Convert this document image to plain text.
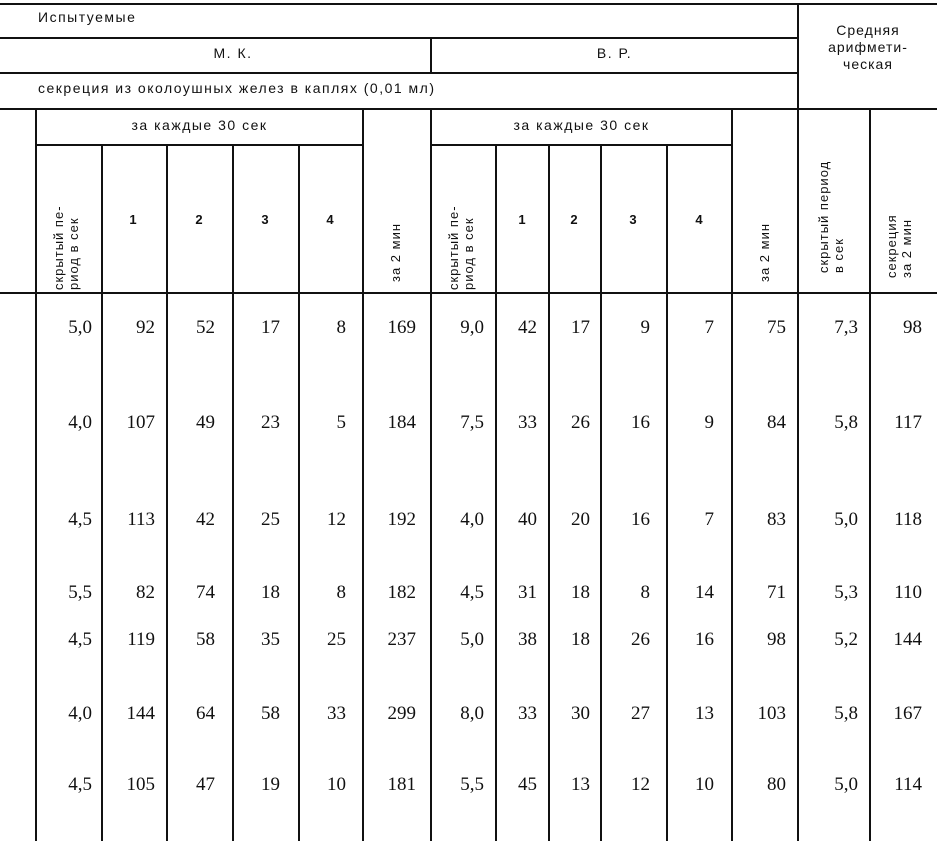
Испытуемые
М. К.	В. Р.
секреция из околоушных желез в каплях (0,01 мл)
Средняя
арифмети-
ческая
за каждые 30 сек	за каждые 30 сек
скрытый пе- риод в сек	за 2 мин	скрытый пе- риод в сек	за 2 мин	скрытый период в сек	секреция за 2 мин
1	2	3	4	1	2	3	4
5,0	92	52	17	8	169	9,0	42	17	9	7	75	7,3	98
4,0	107	49	23	5	184	7,5	33	26	16	9	84	5,8	117
4,5	113	42	25	12	192	4,0	40	20	16	7	83	5,0	118
5,5	82	74	18	8	182	4,5	31	18	8	14	71	5,3	110
4,5	119	58	35	25	237	5,0	38	18	26	16	98	5,2	144
4,0	144	64	58	33	299	8,0	33	30	27	13	103	5,8	167
4,5	105	47	19	10	181	5,5	45	13	12	10	80	5,0	114
